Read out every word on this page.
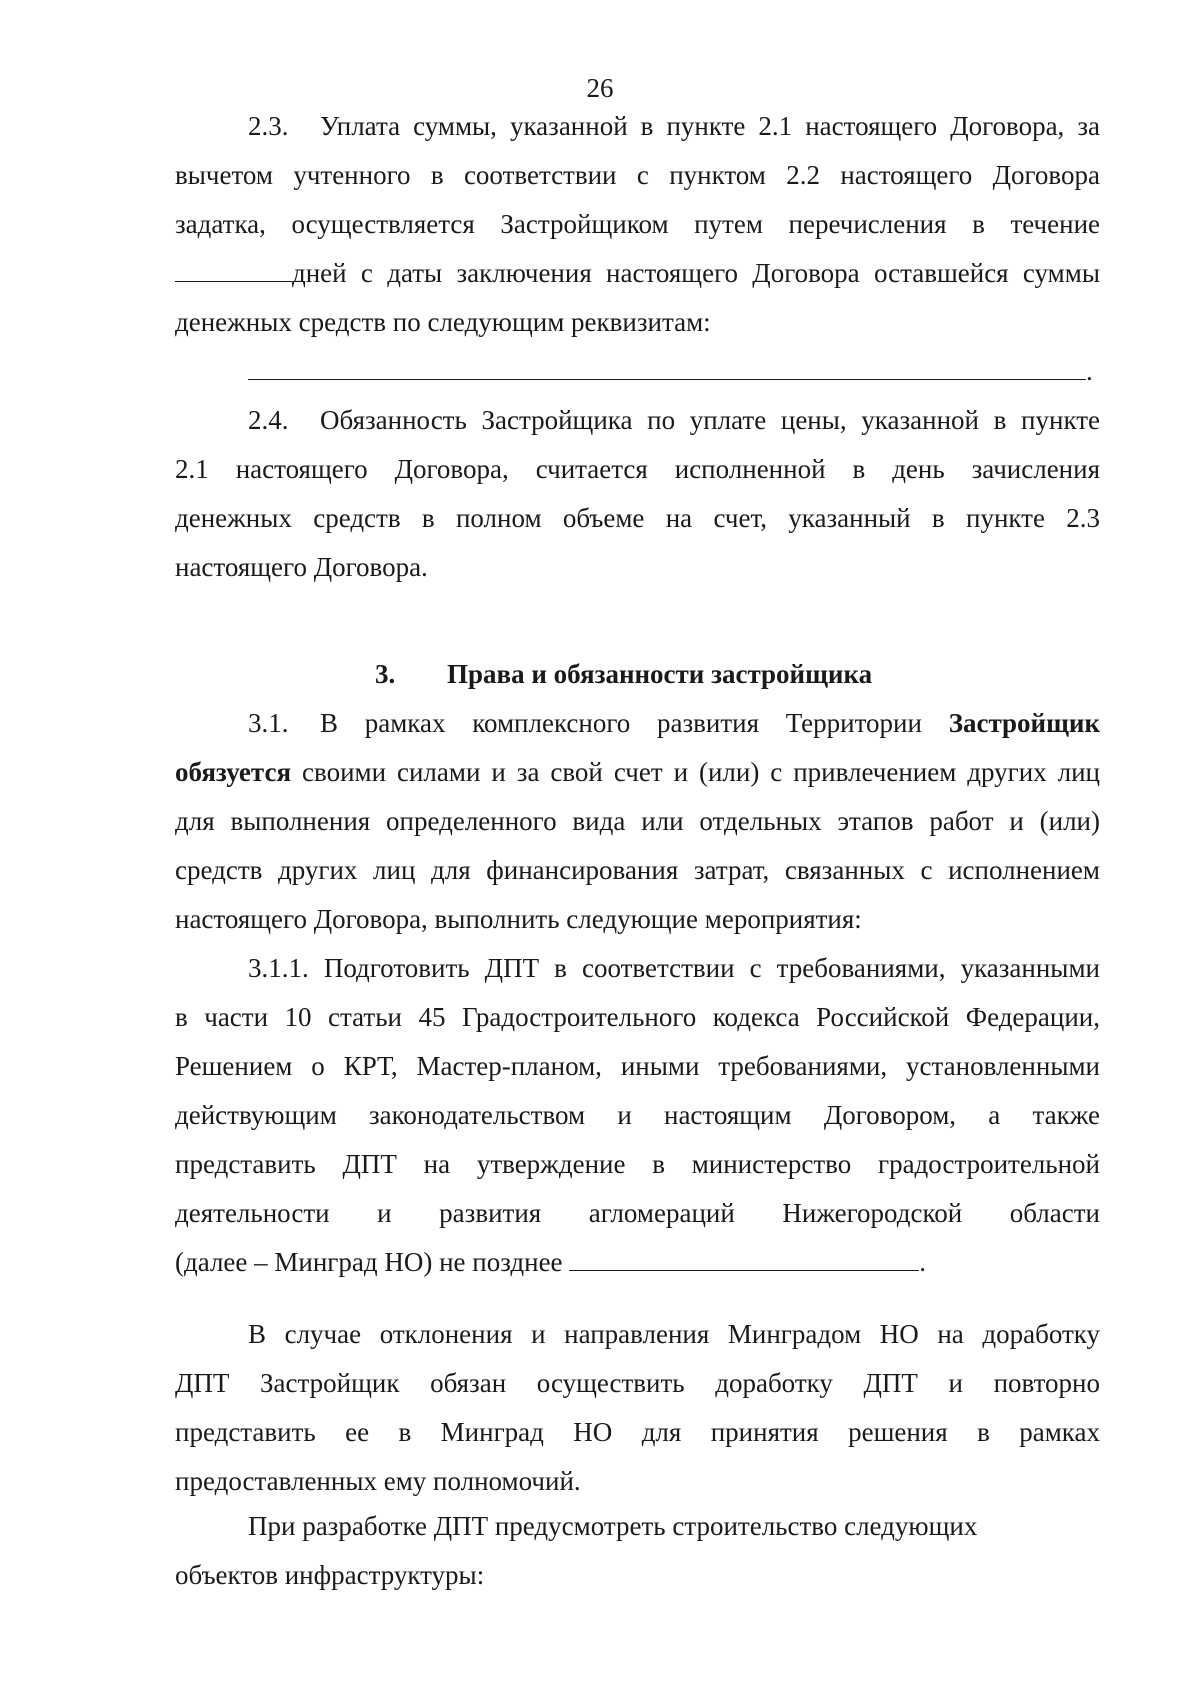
26
2.3. Уплата суммы, указанной в пункте 2.1 настоящего Договора, за
вычетом учтенного в соответствии с пунктом 2.2 настоящего Договора
задатка, осуществляется Застройщиком путем перечисления в течение
дней с даты заключения настоящего Договора оставшейся суммы
денежных средств по следующим реквизитам:
.
2.4. Обязанность Застройщика по уплате цены, указанной в пункте
2.1 настоящего Договора, считается исполненной в день зачисления
денежных средств в полном объеме на счет, указанный в пункте 2.3
настоящего Договора.
3. Права и обязанности застройщика
3.1. В рамках комплексного развития Территории Застройщик
обязуется своими силами и за свой счет и (или) с привлечением других лиц
для выполнения определенного вида или отдельных этапов работ и (или)
средств других лиц для финансирования затрат, связанных с исполнением
настоящего Договора, выполнить следующие мероприятия:
3.1.1. Подготовить ДПТ в соответствии с требованиями, указанными
в части 10 статьи 45 Градостроительного кодекса Российской Федерации,
Решением о КРТ, Мастер-планом, иными требованиями, установленными
действующим законодательством и настоящим Договором, а также
представить ДПТ на утверждение в министерство градостроительной
деятельности и развития агломераций Нижегородской области
(далее – Минград НО) не позднее	.
В случае отклонения и направления Минградом НО на доработку
ДПТ Застройщик обязан осуществить доработку ДПТ и повторно
представить ее в Минград НО для принятия решения в рамках
предоставленных ему полномочий.
При разработке ДПТ предусмотреть строительство следующих
объектов инфраструктуры:
